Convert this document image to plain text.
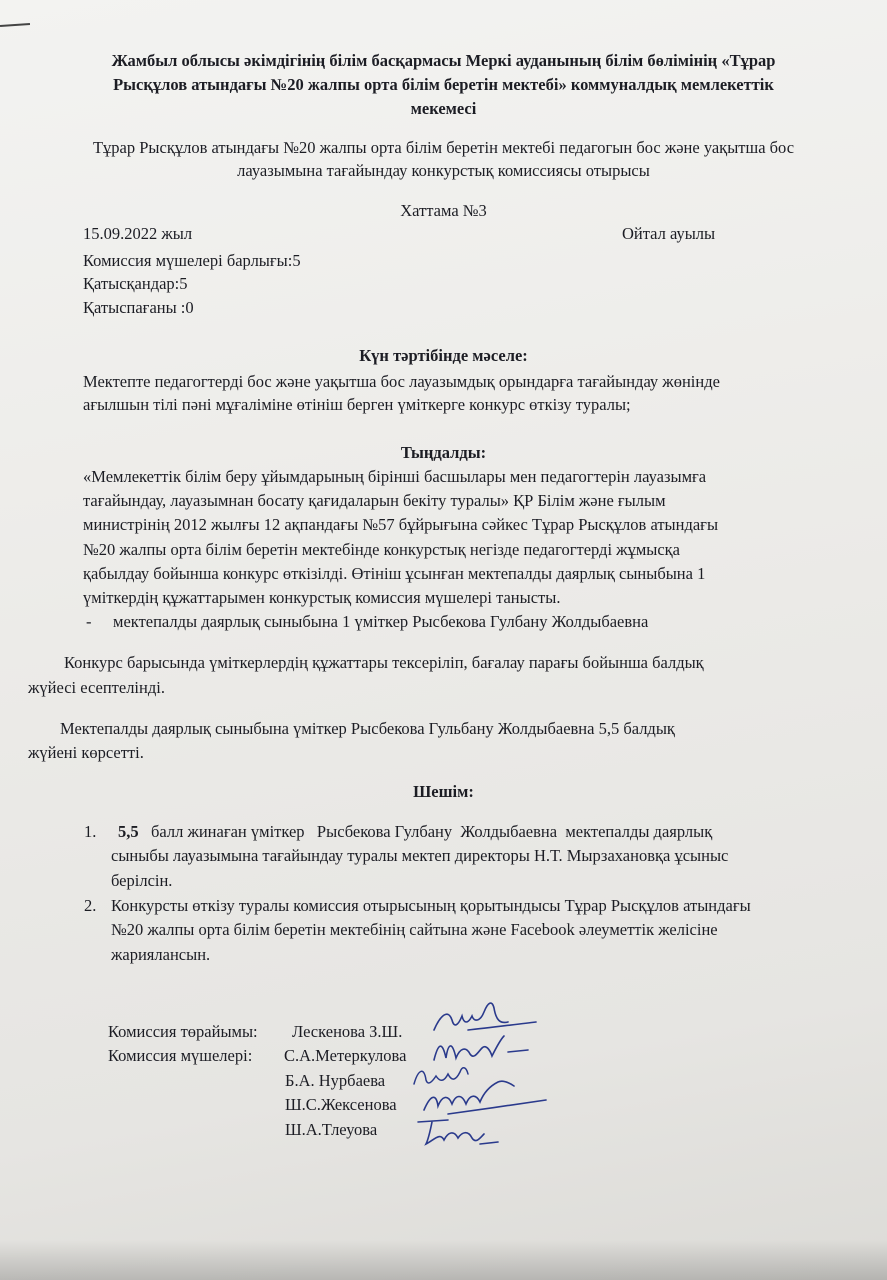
Жамбыл облысы әкімдігінің білім басқармасы Меркі ауданының білім бөлімінің «Тұрар
Рысқұлов атындағы №20 жалпы орта білім беретін мектебі» коммуналдық мемлекеттік
мекемесі
Тұрар Рысқұлов атындағы №20 жалпы орта білім беретін мектебі педагогын бос және уақытша бос
лауазымына тағайындау конкурстық комиссиясы отырысы
Хаттама №3
15.09.2022 жыл	Ойтал ауылы
Комиссия мүшелері барлығы:5
Қатысқандар:5
Қатыспағаны :0
Күн тәртібінде мәселе:
Мектепте педагогтерді бос және уақытша бос лауазымдық орындарға тағайындау жөнінде
ағылшын тілі пәні мұғаліміне өтініш берген үміткерге конкурс өткізу туралы;
Тыңдалды:
«Мемлекеттік білім беру ұйымдарының бірінші басшылары мен педагогтерін лауазымға
тағайындау, лауазымнан босату қағидаларын бекіту туралы» ҚР Білім және ғылым
министрінің 2012 жылғы 12 ақпандағы №57 бұйрығына сәйкес Тұрар Рысқұлов атындағы
№20 жалпы орта білім беретін мектебінде конкурстық негізде педагогтерді жұмысқа
қабылдау бойынша конкурс өткізілді. Өтініш ұсынған мектепалды даярлық сыныбына 1
үміткердің құжаттарымен конкурстық комиссия мүшелері танысты.
- мектепалды даярлық сыныбына 1 үміткер Рысбекова Гулбану Жолдыбаевна
Конкурс барысында үміткерлердің құжаттары тексеріліп, бағалау парағы бойынша балдық
жүйесі есептелінді.
Мектепалды даярлық сыныбына үміткер Рысбекова Гульбану Жолдыбаевна 5,5 балдық
жүйені көрсетті.
Шешім:
1. 5,5   балл жинаған үміткер   Рысбекова Гулбану  Жолдыбаевна  мектепалды даярлық
сыныбы лауазымына тағайындау туралы мектеп директоры Н.Т. Мырзахановқа ұсыныс
берілсін.
2. Конкурсты өткізу туралы комиссия отырысының қорытындысы Тұрар Рысқұлов атындағы
№20 жалпы орта білім беретін мектебінің сайтына және Facebook әлеуметтік желісіне
жариялансын.
Комиссия төрайымы: Лескенова З.Ш.
Комиссия мүшелері: С.А.Метеркулова
Б.А. Нурбаева
Ш.С.Жексенова
Ш.А.Тлеуова
